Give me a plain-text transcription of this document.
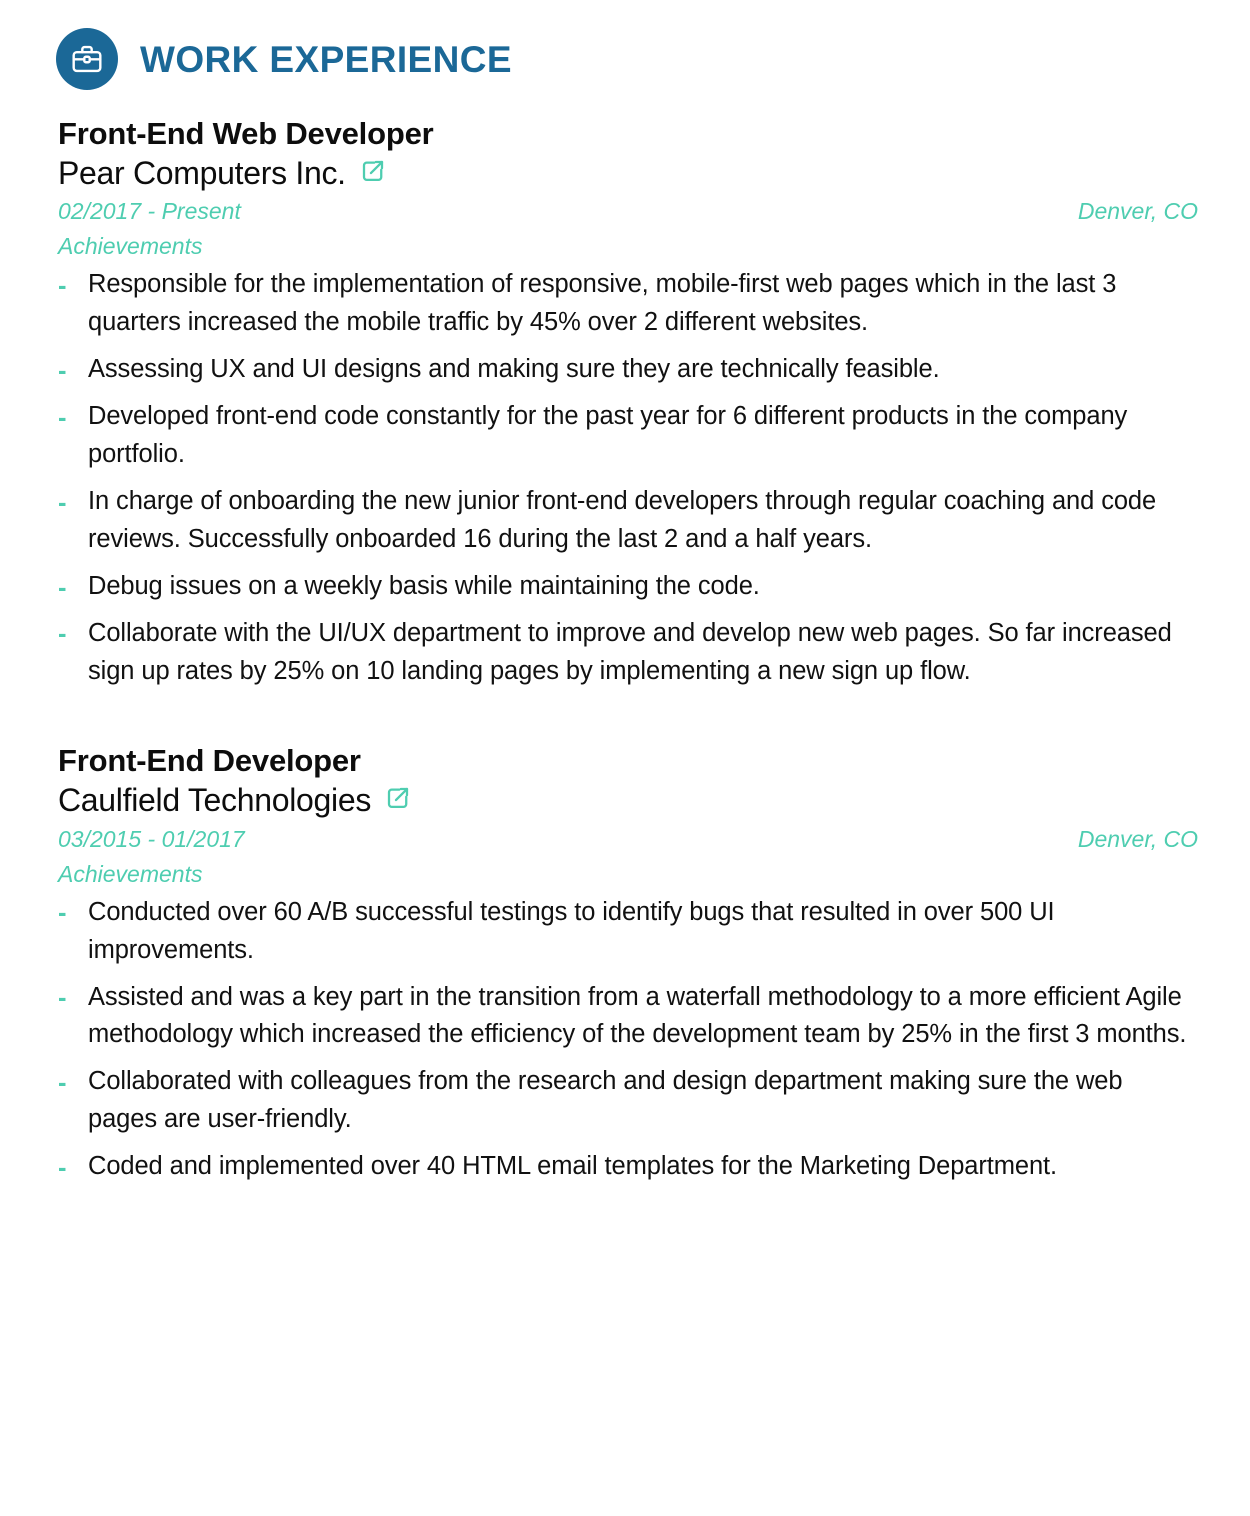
WORK EXPERIENCE
Front-End Web Developer
Pear Computers Inc.
02/2017 - Present	Denver, CO
Achievements
- Responsible for the implementation of responsive, mobile-first web pages which in the last 3 quarters increased the mobile traffic by 45% over 2 different websites.
- Assessing UX and UI designs and making sure they are technically feasible.
- Developed front-end code constantly for the past year for 6 different products in the company portfolio.
- In charge of onboarding the new junior front-end developers through regular coaching and code reviews. Successfully onboarded 16 during the last 2 and a half years.
- Debug issues on a weekly basis while maintaining the code.
- Collaborate with the UI/UX department to improve and develop new web pages. So far increased sign up rates by 25% on 10 landing pages by implementing a new sign up flow.
Front-End Developer
Caulfield Technologies
03/2015 - 01/2017	Denver, CO
Achievements
- Conducted over 60 A/B successful testings to identify bugs that resulted in over 500 UI improvements.
- Assisted and was a key part in the transition from a waterfall methodology to a more efficient Agile methodology which increased the efficiency of the development team by 25% in the first 3 months.
- Collaborated with colleagues from the research and design department making sure the web pages are user-friendly.
- Coded and implemented over 40 HTML email templates for the Marketing Department.
